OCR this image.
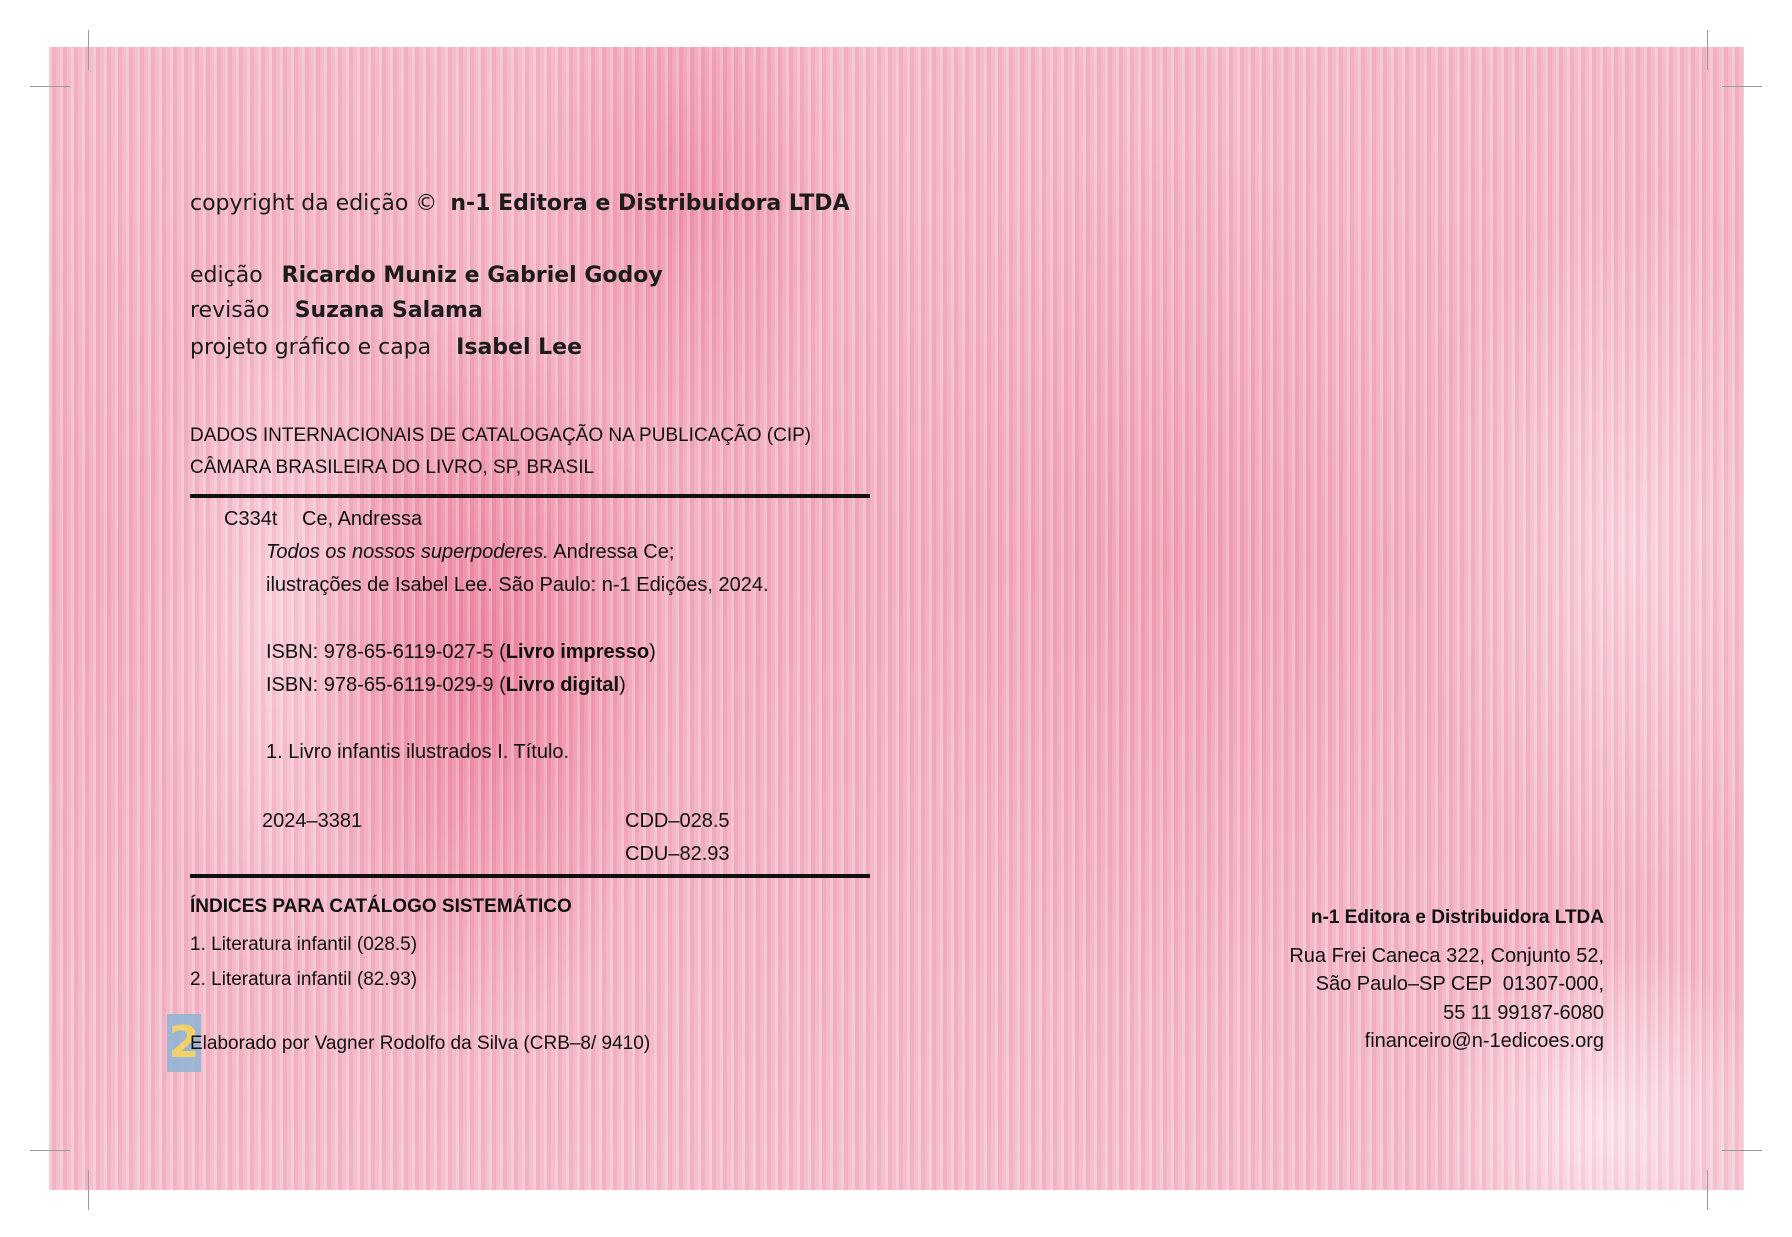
copyright da edição © n-1 Editora e Distribuidora LTDA
edição Ricardo Muniz e Gabriel Godoy
revisão Suzana Salama
projeto gráfico e capa Isabel Lee
DADOS INTERNACIONAIS DE CATALOGAÇÃO NA PUBLICAÇÃO (CIP)
CÂMARA BRASILEIRA DO LIVRO, SP, BRASIL
C334t Ce, Andressa
Todos os nossos superpoderes. Andressa Ce;
ilustrações de Isabel Lee. São Paulo: n-1 Edições, 2024.
ISBN: 978-65-6119-027-5 (Livro impresso)
ISBN: 978-65-6119-029-9 (Livro digital)
1. Livro infantis ilustrados I. Título.
2024–3381	CDD–028.5
CDU–82.93
ÍNDICES PARA CATÁLOGO SISTEMÁTICO
1. Literatura infantil (028.5)
2. Literatura infantil (82.93)
2
Elaborado por Vagner Rodolfo da Silva (CRB–8/ 9410)
n-1 Editora e Distribuidora LTDA
Rua Frei Caneca 322, Conjunto 52,
São Paulo–SP CEP  01307-000,
55 11 99187-6080
financeiro@n-1edicoes.org
